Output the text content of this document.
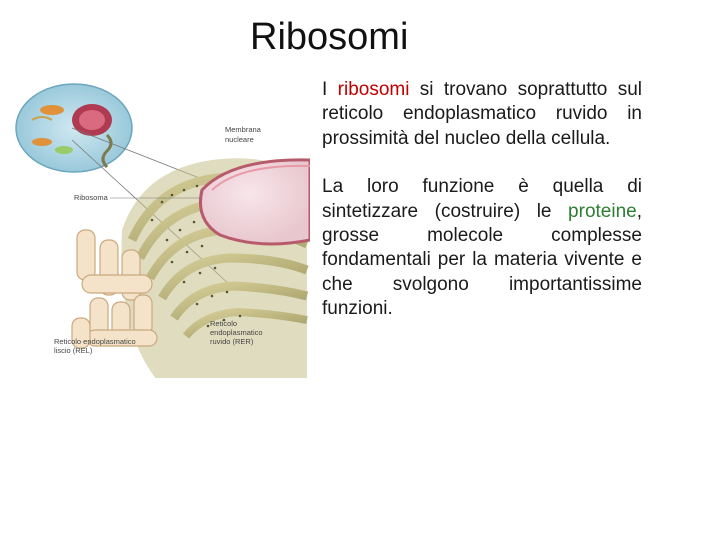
Ribosomi
Membrana
nucleare
Ribosoma
Reticolo
endoplasmatico
ruvido (RER)
Reticolo endoplasmatico
liscio (REL)

I ribosomi si trovano soprattutto sul reticolo endoplasmatico ruvido in prossimità del nucleo della cellula.

La loro funzione è quella di sintetizzare (costruire) le proteine, grosse molecole complesse fondamentali per la materia vivente e che svolgono importantissime funzioni.
